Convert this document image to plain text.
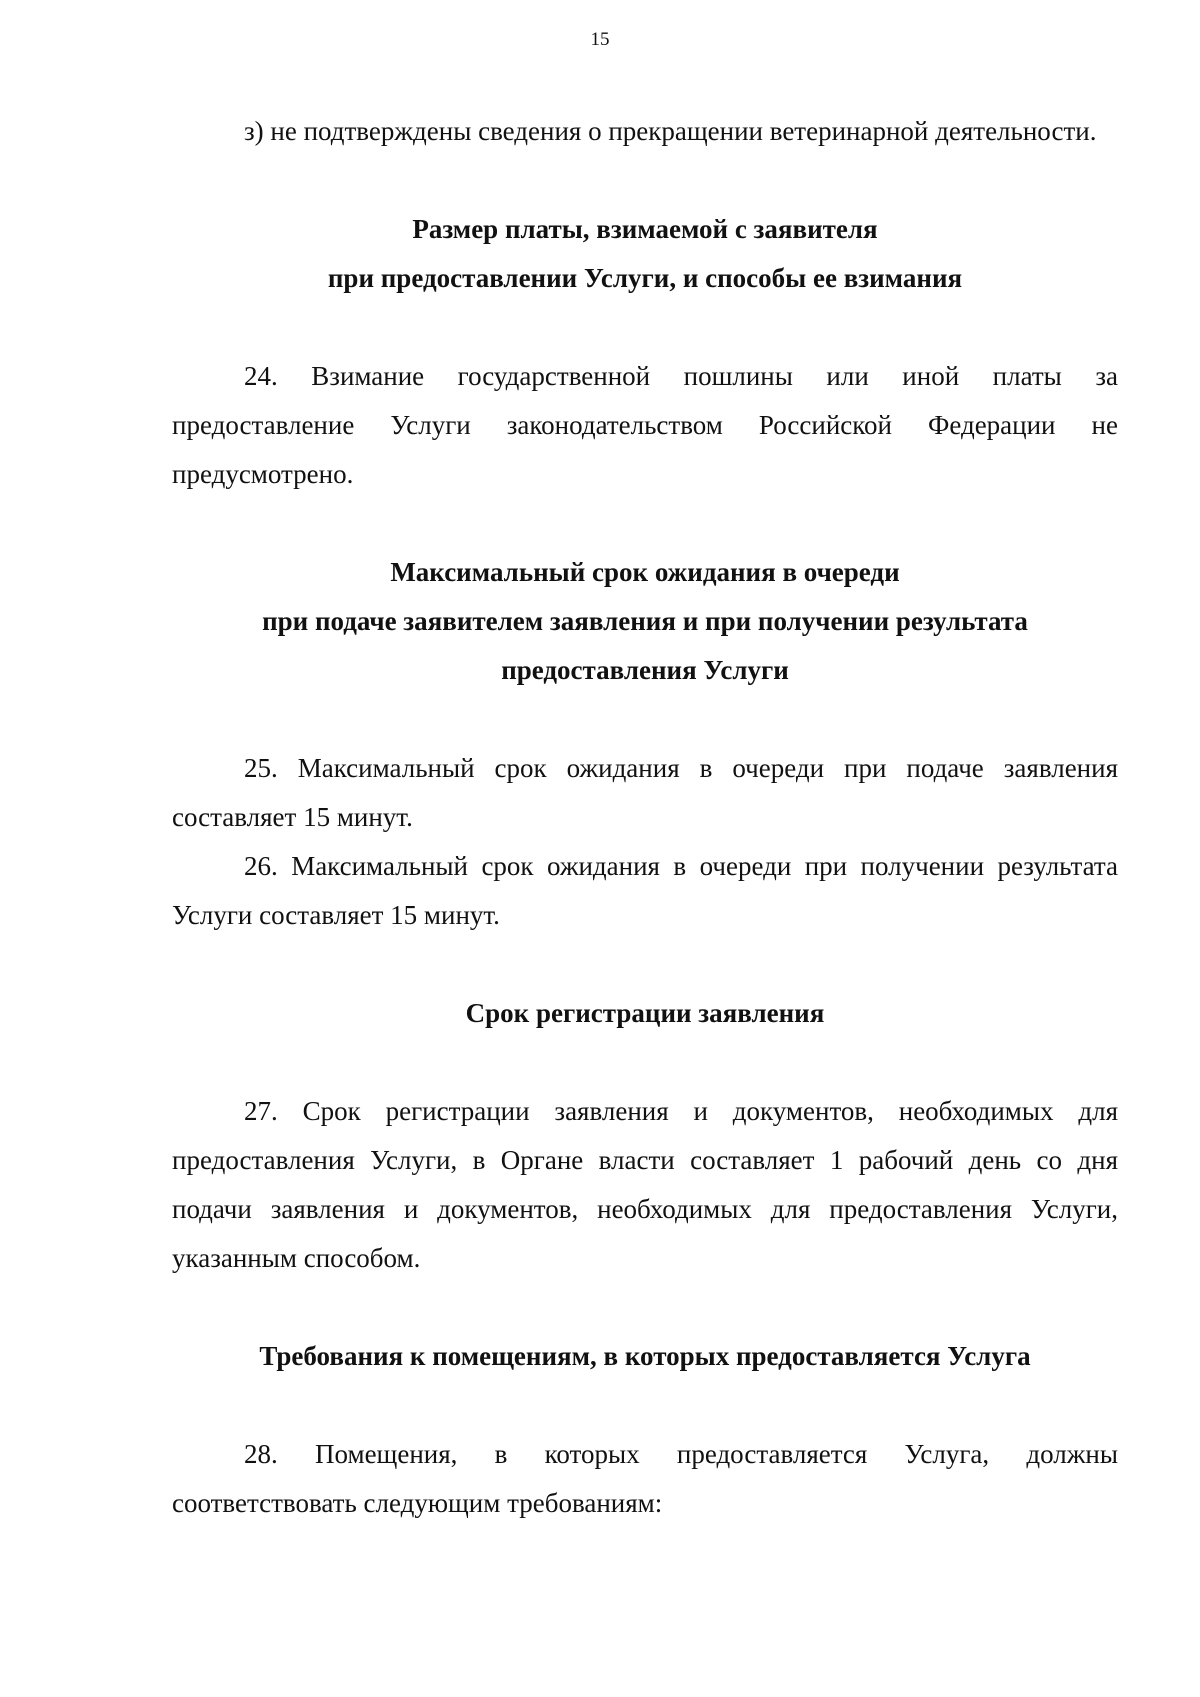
15

з) не подтверждены сведения о прекращении ветеринарной деятельности.

Размер платы, взимаемой с заявителя
при предоставлении Услуги, и способы ее взимания

24. Взимание государственной пошлины или иной платы за предоставление Услуги законодательством Российской Федерации не предусмотрено.

Максимальный срок ожидания в очереди
при подаче заявителем заявления и при получении результата
предоставления Услуги

25. Максимальный срок ожидания в очереди при подаче заявления составляет 15 минут.

26. Максимальный срок ожидания в очереди при получении результата Услуги составляет 15 минут.

Срок регистрации заявления

27. Срок регистрации заявления и документов, необходимых для предоставления Услуги, в Органе власти составляет 1 рабочий день со дня подачи заявления и документов, необходимых для предоставления Услуги, указанным способом.

Требования к помещениям, в которых предоставляется Услуга

28. Помещения, в которых предоставляется Услуга, должны соответствовать следующим требованиям:
